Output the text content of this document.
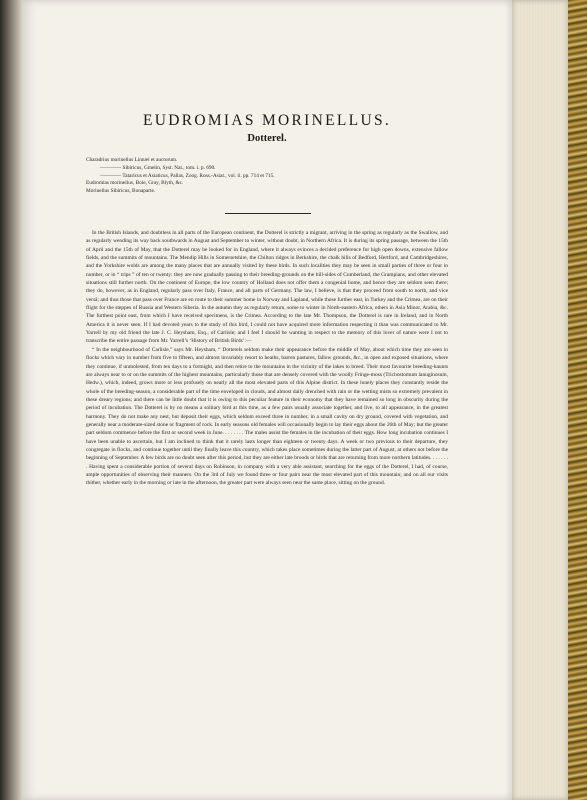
EUDROMIAS MORINELLUS.
Dotterel.
Charadrius morinellus Linnæi et auctorum.
———— Sibiricus, Gmelin, Syst. Nat., tom. i. p. 690.
———— Tataricus et Asiaticus, Pallas, Zoog. Ross.-Asiat., vol. ii. pp. 714 et 715.
Eudromias morinellus, Boie, Gray, Blyth, &c.
Morinellus Sibiricus, Bonaparte.

In the British Islands, and doubtless in all parts of the European continent, the Dotterel is strictly a migrant, arriving in the spring as regularly as the Swallow, and as regularly wending its way back southwards in August and September to winter, without doubt, in Northern Africa. It is during its spring passage, between the 15th of April and the 15th of May, that the Dotterel may be looked for in England, where it always evinces a decided preference for high open downs, extensive fallow fields, and the summits of mountains. The Mendip Hills in Somersetshire, the Chilton ridges in Berkshire, the chalk hills of Bedford, Hertford, and Cambridgeshires, and the Yorkshire wolds are among the many places that are annually visited by these birds. In such localities they may be seen in small parties of three or four in number, or in “ trips ” of ten or twenty: they are now gradually passing to their breeding-grounds on the hill-sides of Cumberland, the Grampians, and other elevated situations still further north. On the continent of Europe, the low country of Holland does not offer them a congenial home, and hence they are seldom seen there; they do, however, as in England, regularly pass over Italy, France, and all parts of Germany. The law, I believe, is that they proceed from south to north, and vice versâ; and thus those that pass over France are en route to their summer home in Norway and Lapland, while those further east, in Turkey and the Crimea, are on their flight for the steppes of Russia and Western Siberia. In the autumn they as regularly return, some to winter in North-eastern Africa, others in Asia Minor, Arabia, &c. The furthest point east, from which I have received specimens, is the Crimea. According to the late Mr. Thompson, the Dotterel is rare in Ireland, and in North America it is never seen. If I had devoted years to the study of this bird, I could not have acquired more information respecting it than was communicated to Mr. Yarrell by my old friend the late J. C. Heysham, Esq., of Carlisle; and I feel I should be wanting in respect to the memory of this lover of nature were I not to transcribe the entire passage from Mr. Yarrell’s ‘History of British Birds’:—

“ In the neighbourhood of Carlisle,” says Mr. Heysham, “ Dotterels seldom make their appearance before the middle of May, about which time they are seen in flocks which vary in number from five to fifteen, and almost invariably resort to heaths, barren pastures, fallow grounds, &c., in open and exposed situations, where they continue, if unmolested, from ten days to a fortnight, and then retire to the mountains in the vicinity of the lakes to breed. Their most favourite breeding-haunts are always near to or on the summits of the highest mountains, particularly those that are densely covered with the woolly Fringe-moss (Trichostomum lanuginosum, Hedw.), which, indeed, grows more or less profusely on nearly all the most elevated parts of this Alpine district. In these lonely places they constantly reside the whole of the breeding-season, a considerable part of the time enveloped in clouds, and almost daily drenched with rain or the wetting mists so extremely prevalent in these dreary regions; and there can be little doubt that it is owing to this peculiar feature in their economy that they have remained so long in obscurity during the period of incubation. The Dotterel is by no means a solitary bird at this time, as a few pairs usually associate together, and live, to all appearance, in the greatest harmony. They do not make any nest, but deposit their eggs, which seldom exceed three in number, in a small cavity on dry ground, covered with vegetation, and generally near a moderate-sized stone or fragment of rock. In early seasons old females will occasionally begin to lay their eggs about the 26th of May; but the greater part seldom commence before the first or second week in June. . . . . . . . The males assist the females in the incubation of their eggs. How long incubation continues I have been unable to ascertain, but I am inclined to think that it rarely lasts longer than eighteen or twenty days. A week or two previous to their departure, they congregate in flocks, and continue together until they finally leave this country, which takes place sometimes during the latter part of August, at others not before the beginning of September. A few birds are no doubt seen after this period, but they are either late broods or birds that are returning from more northern latitudes. . . . . . . . Having spent a considerable portion of several days on Robinson, in company with a very able assistant, searching for the eggs of the Dotterel, I had, of course, ample opportunities of observing their manners. On the 3rd of July we found three or four pairs near the most elevated part of this mountain; and on all our visits thither, whether early in the morning or late in the afternoon, the greater part were always seen near the same place, sitting on the ground.
